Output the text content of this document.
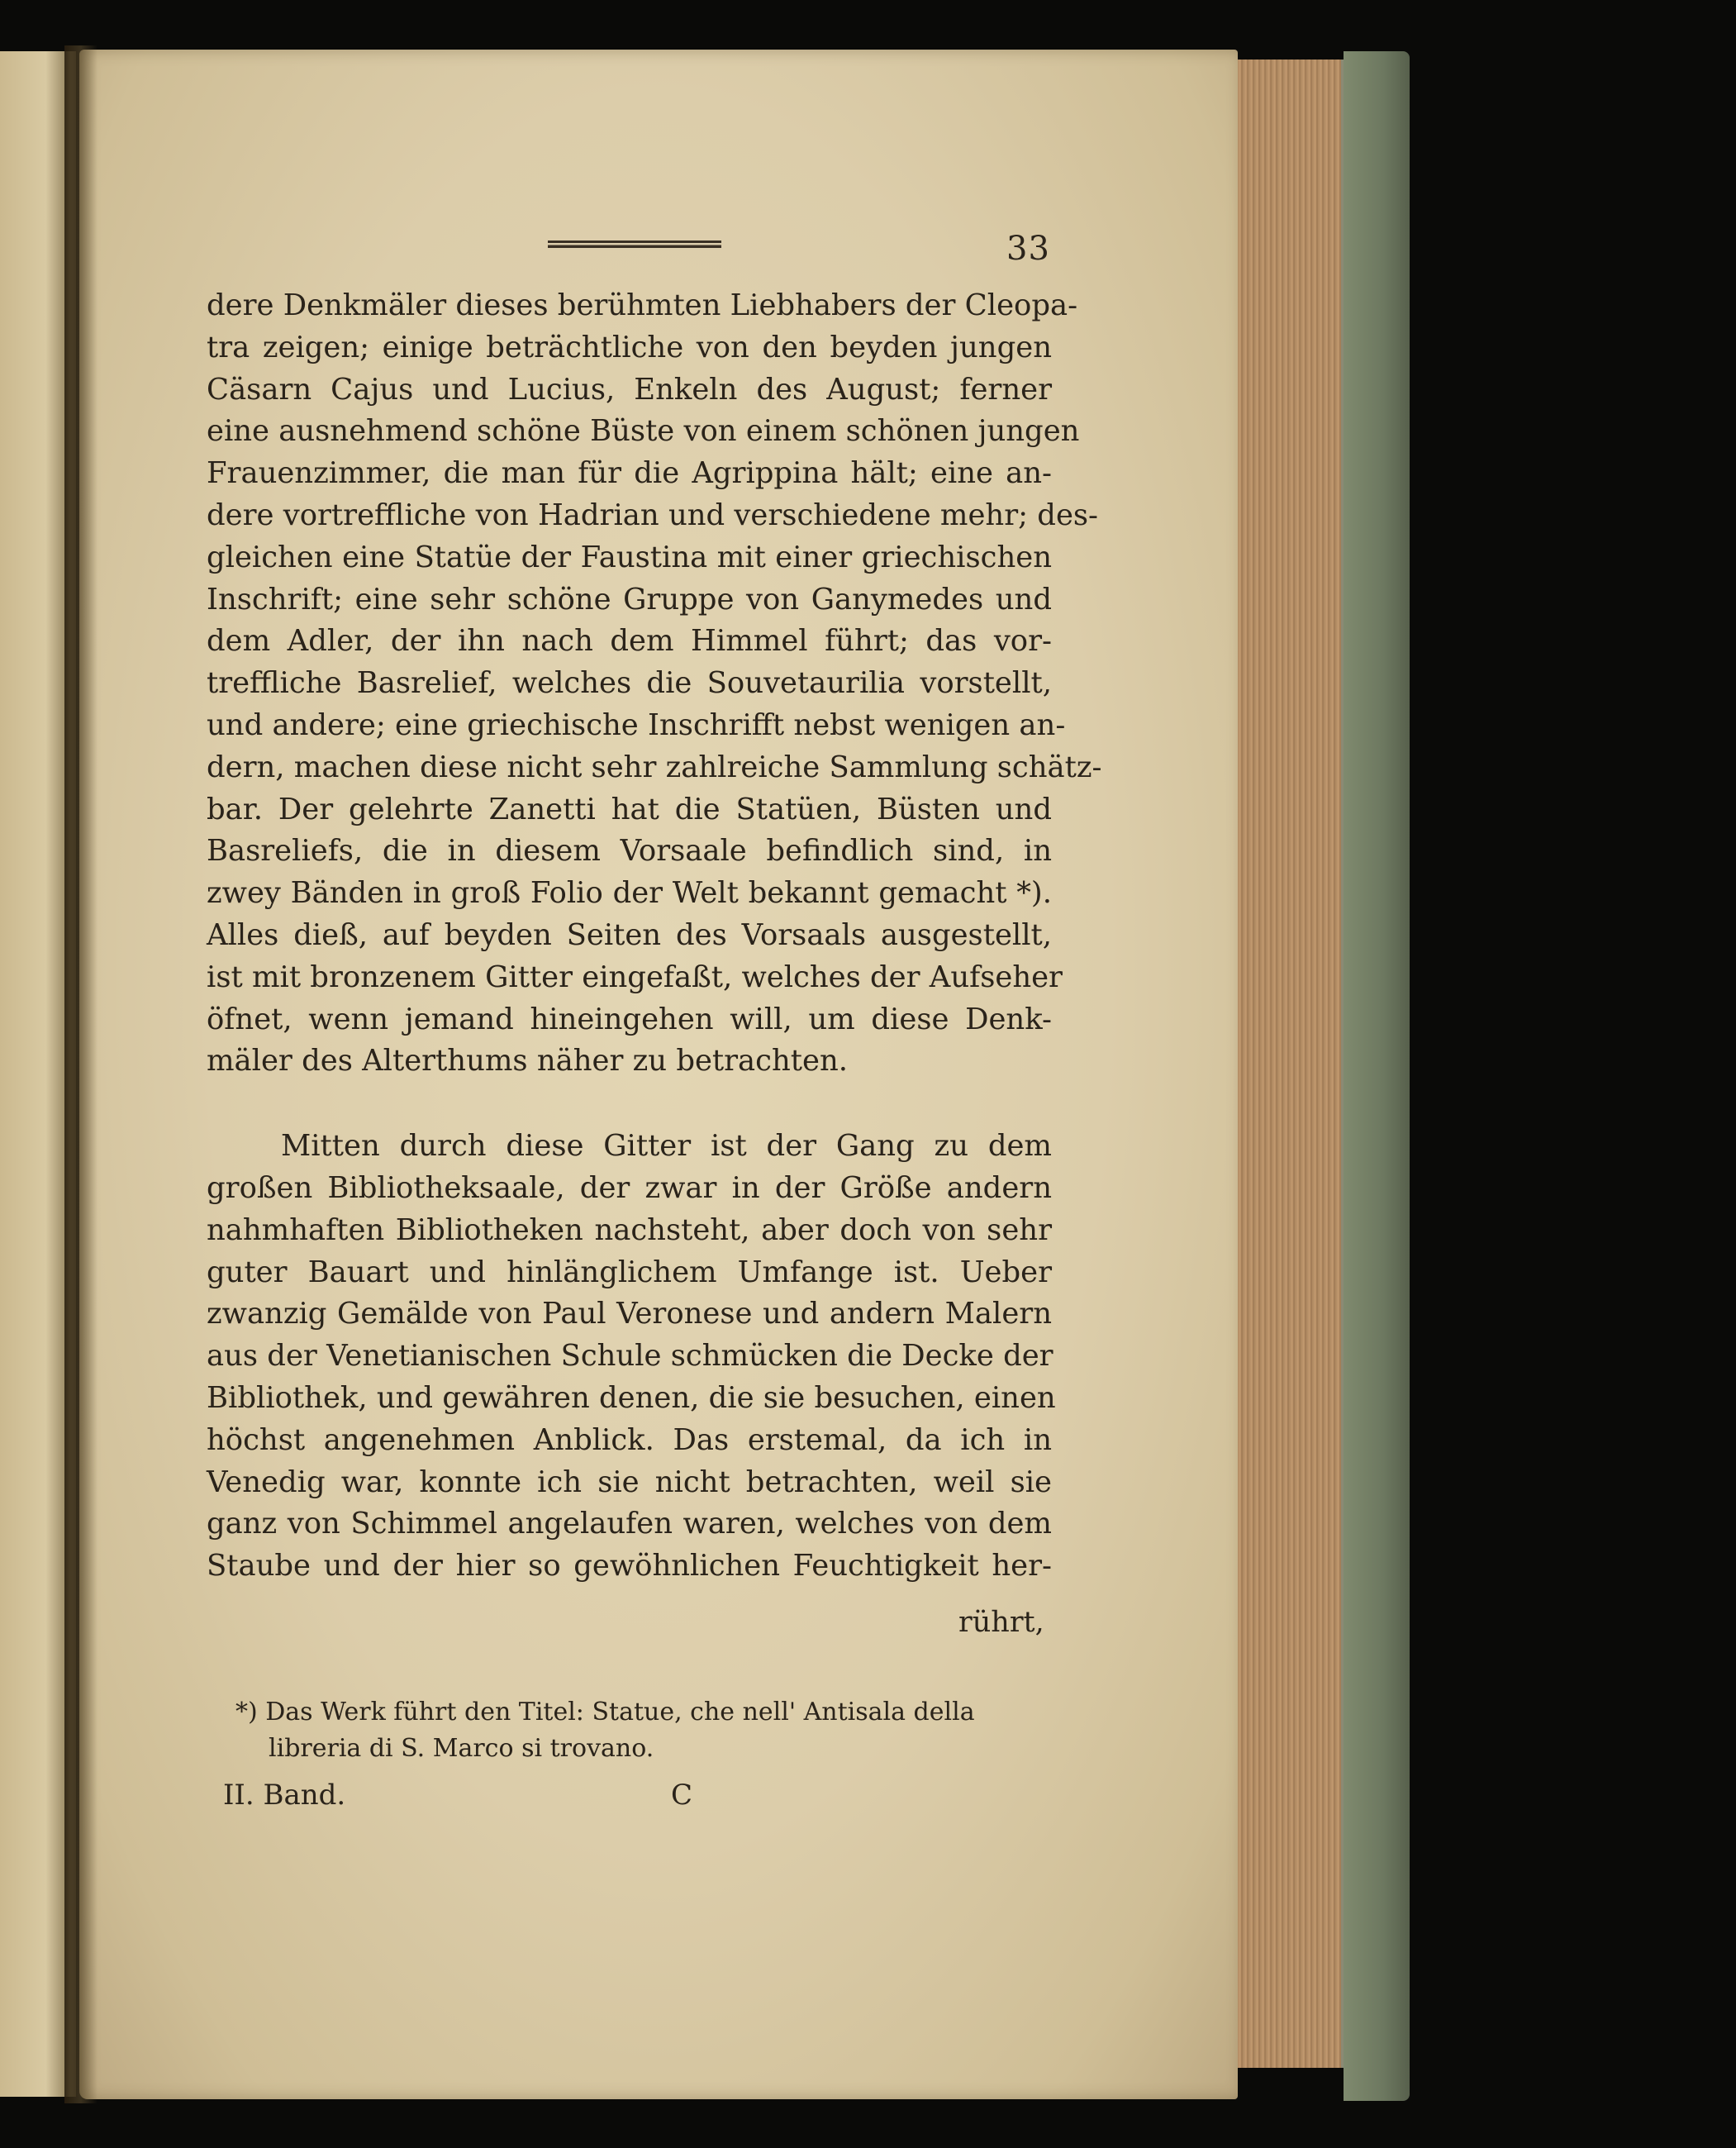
33
dere Denkmäler dieses berühmten Liebhabers der Cleopa-
tra zeigen; einige beträchtliche von den beyden jungen
Cäsarn Cajus und Lucius, Enkeln des August; ferner
eine ausnehmend schöne Büste von einem schönen jungen
Frauenzimmer, die man für die Agrippina hält; eine an-
dere vortreffliche von Hadrian und verschiedene mehr; des-
gleichen eine Statüe der Faustina mit einer griechischen
Inschrift; eine sehr schöne Gruppe von Ganymedes und
dem Adler, der ihn nach dem Himmel führt; das vor-
treffliche Basrelief, welches die Souvetaurilia vorstellt,
und andere; eine griechische Inschrifft nebst wenigen an-
dern, machen diese nicht sehr zahlreiche Sammlung schätz-
bar. Der gelehrte Zanetti hat die Statüen, Büsten und
Basreliefs, die in diesem Vorsaale befindlich sind, in
zwey Bänden in groß Folio der Welt bekannt gemacht *).
Alles dieß, auf beyden Seiten des Vorsaals ausgestellt,
ist mit bronzenem Gitter eingefaßt, welches der Aufseher
öfnet, wenn jemand hineingehen will, um diese Denk-
mäler des Alterthums näher zu betrachten.
Mitten durch diese Gitter ist der Gang zu dem
großen Bibliotheksaale, der zwar in der Größe andern
nahmhaften Bibliotheken nachsteht, aber doch von sehr
guter Bauart und hinlänglichem Umfange ist. Ueber
zwanzig Gemälde von Paul Veronese und andern Malern
aus der Venetianischen Schule schmücken die Decke der
Bibliothek, und gewähren denen, die sie besuchen, einen
höchst angenehmen Anblick. Das erstemal, da ich in
Venedig war, konnte ich sie nicht betrachten, weil sie
ganz von Schimmel angelaufen waren, welches von dem
Staube und der hier so gewöhnlichen Feuchtigkeit her-
rührt,
*) Das Werk führt den Titel: Statue, che nell' Antisala della
libreria di S. Marco si trovano.
II. Band.	C
